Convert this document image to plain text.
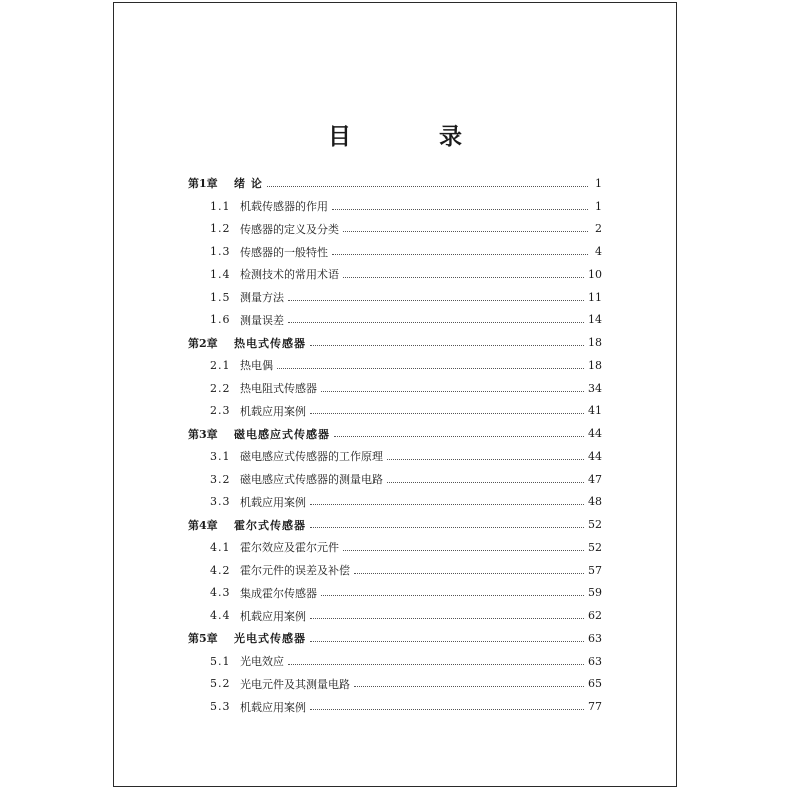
目 录
第1章	绪 论	1
1.1 机载传感器的作用	1
1.2 传感器的定义及分类	2
1.3 传感器的一般特性	4
1.4 检测技术的常用术语	10
1.5 测量方法	11
1.6 测量误差	14
第2章	热电式传感器	18
2.1 热电偶	18
2.2 热电阻式传感器	34
2.3 机载应用案例	41
第3章	磁电感应式传感器	44
3.1 磁电感应式传感器的工作原理	44
3.2 磁电感应式传感器的测量电路	47
3.3 机载应用案例	48
第4章	霍尔式传感器	52
4.1 霍尔效应及霍尔元件	52
4.2 霍尔元件的误差及补偿	57
4.3 集成霍尔传感器	59
4.4 机载应用案例	62
第5章	光电式传感器	63
5.1 光电效应	63
5.2 光电元件及其测量电路	65
5.3 机载应用案例	77
